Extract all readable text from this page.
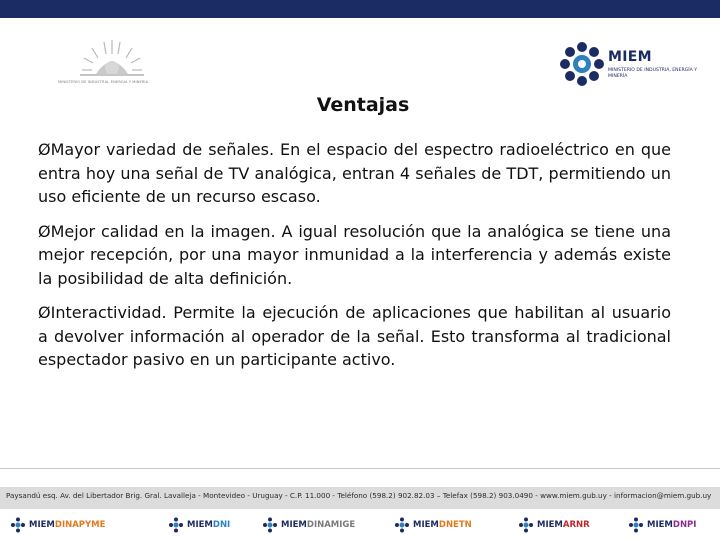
MINISTERIO DE INDUSTRIA, ENERGIA Y MINERIA
MIEM
MINISTERIO DE INDUSTRIA, ENERGÍA Y MINERÍA
Ventajas

ØMayor variedad de señales. En el espacio del espectro radioeléctrico en que entra hoy una señal de TV analógica, entran 4 señales de TDT, permitiendo un uso eficiente de un recurso escaso.

ØMejor calidad en la imagen. A igual resolución que la analógica se tiene una mejor recepción, por una mayor inmunidad a la interferencia y además existe la posibilidad de alta definición.

ØInteractividad. Permite la ejecución de aplicaciones que habilitan al usuario a devolver información al operador de la señal. Esto transforma al tradicional espectador pasivo en un participante activo.

Paysandú esq. Av. del Libertador Brig. Gral. Lavalleja - Montevideo - Uruguay - C.P. 11.000 - Teléfono (598.2) 902.82.03 – Telefax (598.2) 903.0490 - www.miem.gub.uy - informacion@miem.gub.uy
MIEM DINAPYME	MIEM DNI	MIEM DINAMIGE	MIEM DNETN	MIEM ARNR	MIEM DNPI
